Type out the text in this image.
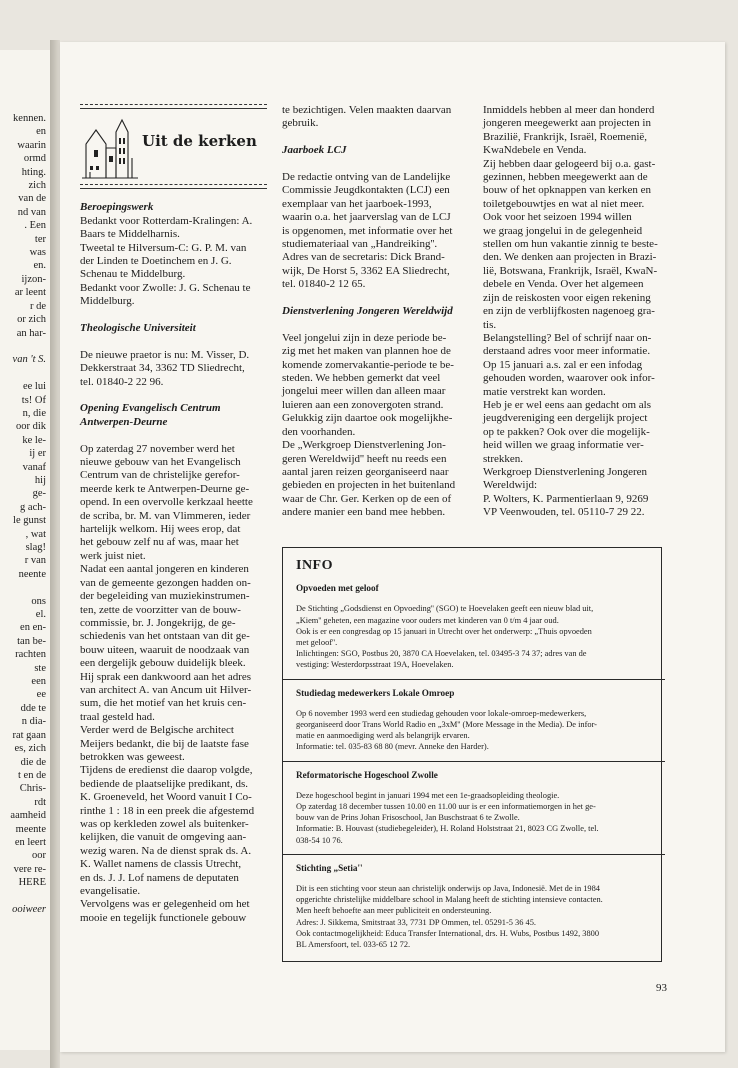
kennen.
en
waarin
ormd
hting.
zich
van de
nd van
. Een
ter
was
en.
ijzon-
ar leent
r de
or zich
an har-

van 't S.

ee lui
ts! Of
n, die
oor dik
ke le-
ij er
vanaf
hij
ge-
g ach-
le gunst
, wat
slag!
r van
neente

ons
el.
en en-
tan be-
rachten
ste
een
ee
dde te
n dia-
rat gaan
es, zich
die de
t en de
Chris-
rdt
aamheid
meente
en leert
oor
vere re-
HERE

ooiweer
Uit de kerken

Beroepingswerk

Bedankt voor Rotterdam-Kralingen: A.

Baars te Middelharnis.

Tweetal te Hilversum-C: G. P. M. van

der Linden te Doetinchem en J. G.

Schenau te Middelburg.

Bedankt voor Zwolle: J. G. Schenau te

Middelburg.

Theologische Universiteit

De nieuwe praetor is nu: M. Visser, D.

Dekkerstraat 34, 3362 TD Sliedrecht,

tel. 01840-2 22 96.

Opening Evangelisch Centrum

Antwerpen-Deurne

Op zaterdag 27 november werd het

nieuwe gebouw van het Evangelisch

Centrum van de christelijke gerefor-

meerde kerk te Antwerpen-Deurne ge-

opend. In een overvolle kerkzaal heette

de scriba, br. M. van Vlimmeren, ieder

hartelijk welkom. Hij wees erop, dat

het gebouw zelf nu af was, maar het

werk juist niet.

Nadat een aantal jongeren en kinderen

van de gemeente gezongen hadden on-

der begeleiding van muziekinstrumen-

ten, zette de voorzitter van de bouw-

commissie, br. J. Jongekrijg, de ge-

schiedenis van het ontstaan van dit ge-

bouw uiteen, waaruit de noodzaak van

een dergelijk gebouw duidelijk bleek.

Hij sprak een dankwoord aan het adres

van architect A. van Ancum uit Hilver-

sum, die het motief van het kruis cen-

traal gesteld had.

Verder werd de Belgische architect

Meijers bedankt, die bij de laatste fase

betrokken was geweest.

Tijdens de eredienst die daarop volgde,

bediende de plaatselijke predikant, ds.

K. Groeneveld, het Woord vanuit I Co-

rinthe 1 : 18 in een preek die afgestemd

was op kerkleden zowel als buitenker-

kelijken, die vanuit de omgeving aan-

wezig waren. Na de dienst sprak ds. A.

K. Wallet namens de classis Utrecht,

en ds. J. J. Lof namens de deputaten

evangelisatie.

Vervolgens was er gelegenheid om het

mooie en tegelijk functionele gebouw

te bezichtigen. Velen maakten daarvan

gebruik.

Jaarboek LCJ

De redactie ontving van de Landelijke

Commissie Jeugdkontakten (LCJ) een

exemplaar van het jaarboek-1993,

waarin o.a. het jaarverslag van de LCJ

is opgenomen, met informatie over het

studiemateriaal van „Handreiking''.

Adres van de secretaris: Dick Brand-

wijk, De Horst 5, 3362 EA Sliedrecht,

tel. 01840-2 12 65.

Dienstverlening Jongeren Wereldwijd

Veel jongelui zijn in deze periode be-

zig met het maken van plannen hoe de

komende zomervakantie-periode te be-

steden. We hebben gemerkt dat veel

jongelui meer willen dan alleen maar

luieren aan een zonovergoten strand.

Gelukkig zijn daartoe ook mogelijkhe-

den voorhanden.

De „Werkgroep Dienstverlening Jon-

geren Wereldwijd'' heeft nu reeds een

aantal jaren reizen georganiseerd naar

gebieden en projecten in het buitenland

waar de Chr. Ger. Kerken op de een of

andere manier een band mee hebben.

Inmiddels hebben al meer dan honderd

jongeren meegewerkt aan projecten in

Brazilië, Frankrijk, Israël, Roemenië,

KwaNdebele en Venda.

Zij hebben daar gelogeerd bij o.a. gast-

gezinnen, hebben meegewerkt aan de

bouw of het opknappen van kerken en

toiletgebouwtjes en wat al niet meer.

Ook voor het seizoen 1994 willen

we graag jongelui in de gelegenheid

stellen om hun vakantie zinnig te beste-

den. We denken aan projecten in Brazi-

lië, Botswana, Frankrijk, Israël, KwaN-

debele en Venda. Over het algemeen

zijn de reiskosten voor eigen rekening

en zijn de verblijfkosten nagenoeg gra-

tis.

Belangstelling? Bel of schrijf naar on-

derstaand adres voor meer informatie.

Op 15 januari a.s. zal er een infodag

gehouden worden, waarover ook infor-

matie verstrekt kan worden.

Heb je er wel eens aan gedacht om als

jeugdvereniging een dergelijk project

op te pakken? Ook over die mogelijk-

heid willen we graag informatie ver-

strekken.

Werkgroep Dienstverlening Jongeren

Wereldwijd:

P. Wolters, K. Parmentierlaan 9, 9269

VP Veenwouden, tel. 05110-7 29 22.

INFO
Opvoeden met geloof

De Stichting „Godsdienst en Opvoeding'' (SGO) te Hoevelaken geeft een nieuw blad uit,

„Kiem'' geheten, een magazine voor ouders met kinderen van 0 t/m 4 jaar oud.

Ook is er een congresdag op 15 januari in Utrecht over het onderwerp: „Thuis opvoeden

met geloof''.

Inlichtingen: SGO, Postbus 20, 3870 CA Hoevelaken, tel. 03495-3 74 37; adres van de

vestiging: Westerdorpsstraat 19A, Hoevelaken.

Studiedag medewerkers Lokale Omroep

Op 6 november 1993 werd een studiedag gehouden voor lokale-omroep-medewerkers,

georganiseerd door Trans World Radio en „3xM'' (More Message in the Media). De infor-

matie en aanmoediging werd als belangrijk ervaren.

Informatie: tel. 035-83 68 80 (mevr. Anneke den Harder).

Reformatorische Hogeschool Zwolle

Deze hogeschool begint in januari 1994 met een 1e-graadsopleiding theologie.

Op zaterdag 18 december tussen 10.00 en 11.00 uur is er een informatiemorgen in het ge-

bouw van de Prins Johan Frisoschool, Jan Buschstraat 6 te Zwolle.

Informatie: B. Houvast (studiebegeleider), H. Roland Holststraat 21, 8023 CG Zwolle, tel.

038-54 10 76.

Stichting „Setia''

Dit is een stichting voor steun aan christelijk onderwijs op Java, Indonesië. Met de in 1984

opgerichte christelijke middelbare school in Malang heeft de stichting intensieve contacten.

Men heeft behoefte aan meer publiciteit en ondersteuning.

Adres: J. Sikkema, Smitstraat 33, 7731 DP Ommen, tel. 05291-5 36 45.

Ook contactmogelijkheid: Educa Transfer International, drs. H. Wubs, Postbus 1492, 3800

BL Amersfoort, tel. 033-65 12 72.

93
